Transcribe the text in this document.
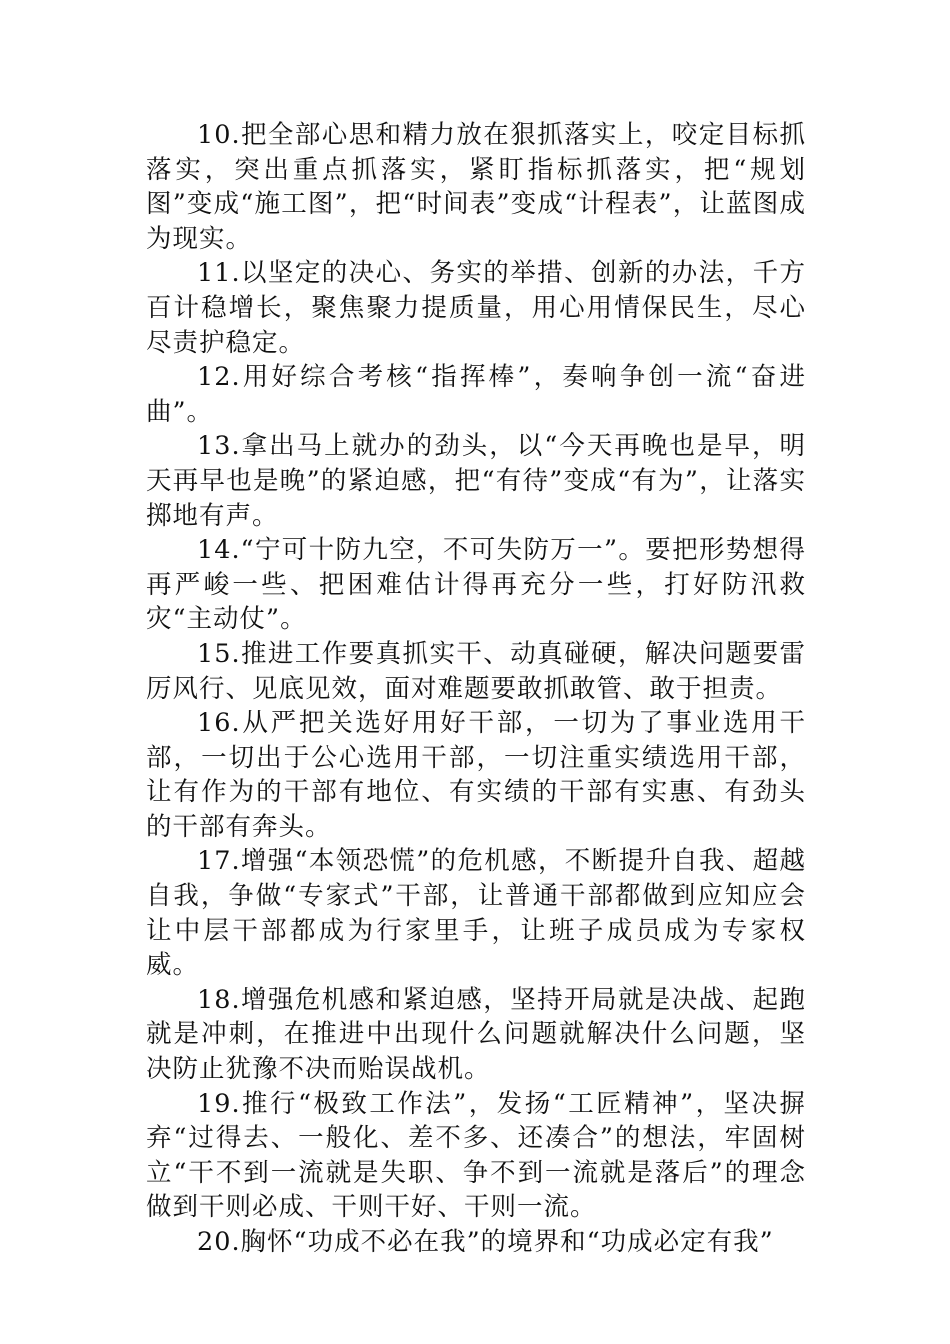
10.把全部心思和精力放在狠抓落实上，咬定目标抓落实，突出重点抓落实，紧盯指标抓落实，把“规划图”变成“施工图”，把“时间表”变成“计程表”，让蓝图成为现实。

11.以坚定的决心、务实的举措、创新的办法，千方百计稳增长，聚焦聚力提质量，用心用情保民生，尽心尽责护稳定。

12.用好综合考核“指挥棒”，奏响争创一流“奋进曲”。

13.拿出马上就办的劲头，以“今天再晚也是早，明天再早也是晚”的紧迫感，把“有待”变成“有为”，让落实掷地有声。

14.“宁可十防九空，不可失防万一”。要把形势想得再严峻一些、把困难估计得再充分一些，打好防汛救灾“主动仗”。

15.推进工作要真抓实干、动真碰硬，解决问题要雷厉风行、见底见效，面对难题要敢抓敢管、敢于担责。

16.从严把关选好用好干部，一切为了事业选用干部，一切出于公心选用干部，一切注重实绩选用干部，让有作为的干部有地位、有实绩的干部有实惠、有劲头的干部有奔头。

17.增强“本领恐慌”的危机感，不断提升自我、超越自我，争做“专家式”干部，让普通干部都做到应知应会让中层干部都成为行家里手，让班子成员成为专家权威。

18.增强危机感和紧迫感，坚持开局就是决战、起跑就是冲刺，在推进中出现什么问题就解决什么问题，坚决防止犹豫不决而贻误战机。

19.推行“极致工作法”，发扬“工匠精神”，坚决摒弃“过得去、一般化、差不多、还凑合”的想法，牢固树立“干不到一流就是失职、争不到一流就是落后”的理念做到干则必成、干则干好、干则一流。

20.胸怀“功成不必在我”的境界和“功成必定有我”
